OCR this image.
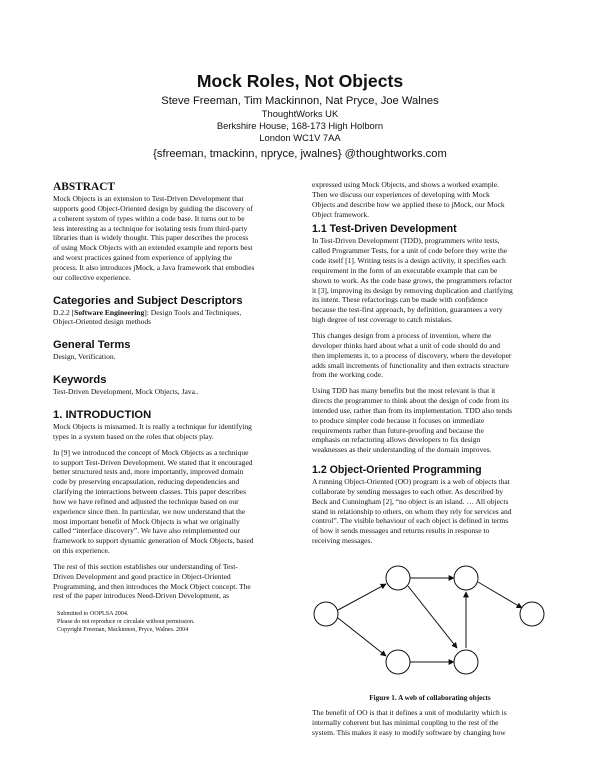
Mock Roles, Not Objects
Steve Freeman, Tim Mackinnon, Nat Pryce, Joe Walnes
ThoughtWorks UK
Berkshire House, 168-173 High Holborn
London WC1V 7AA
{sfreeman, tmackinn, npryce, jwalnes} @thoughtworks.com
ABSTRACT
Mock Objects is an extension to Test-Driven Development that
supports good Object-Oriented design by guiding the discovery of
a coherent system of types within a code base. It turns out to be
less interesting as a technique for isolating tests from third-party
libraries than is widely thought. This paper describes the process
of using Mock Objects with an extended example and reports best
and worst practices gained from experience of applying the
process. It also introduces jMock, a Java framework that embodies
our collective experience.
Categories and Subject Descriptors
D.2.2 [Software Engineering]: Design Tools and Techniques,
Object-Oriented design methods
General Terms
Design, Verification.
Keywords
Test-Driven Development, Mock Objects, Java..
1. INTRODUCTION
Mock Objects is misnamed. It is really a technique for identifying
types in a system based on the roles that objects play.
In [9] we introduced the concept of Mock Objects as a technique
to support Test-Driven Development. We stated that it encouraged
better structured tests and, more importantly, improved domain
code by preserving encapsulation, reducing dependencies and
clarifying the interactions between classes. This paper describes
how we have refined and adjusted the technique based on our
experience since then. In particular, we now understand that the
most important benefit of Mock Objects is what we originally
called “interface discovery”. We have also reimplemented our
framework to support dynamic generation of Mock Objects, based
on this experience.
The rest of this section establishes our understanding of Test-
Driven Development and good practice in Object-Oriented
Programming, and then introduces the Mock Object concept. The
rest of the paper introduces Need-Driven Development, as
Submitted to OOPLSA 2004.
Please do not reproduce or circulate without permission.
Copyright Freeman, Mackinnon, Pryce, Walnes. 2004
expressed using Mock Objects, and shows a worked example.
Then we discuss our experiences of developing with Mock
Objects and describe how we applied these to jMock, our Mock
Object framework.
1.1 Test-Driven Development
In Test-Driven Development (TDD), programmers write tests,
called Programmer Tests, for a unit of code before they write the
code itself [1]. Writing tests is a design activity, it specifies each
requirement in the form of an executable example that can be
shown to work. As the code base grows, the programmers refactor
it [3], improving its design by removing duplication and clarifying
its intent. These refactorings can be made with confidence
because the test-first approach, by definition, guarantees a very
high degree of test coverage to catch mistakes.
This changes design from a process of invention, where the
developer thinks hard about what a unit of code should do and
then implements it, to a process of discovery, where the developer
adds small increments of functionality and then extracts structure
from the working code.
Using TDD has many benefits but the most relevant is that it
directs the programmer to think about the design of code from its
intended use, rather than from its implementation. TDD also tends
to produce simpler code because it focuses on immediate
requirements rather than future-proofing and because the
emphasis on refactoring allows developers to fix design
weaknesses as their understanding of the domain improves.
1.2 Object-Oriented Programming
A running Object-Oriented (OO) program is a web of objects that
collaborate by sending messages to each other. As described by
Beck and Cunningham [2], “no object is an island. … All objects
stand in relationship to others, on whom they rely for services and
control”. The visible behaviour of each object is defined in terms
of how it sends messages and returns results in response to
receiving messages.
Figure 1. A web of collaborating objects
The benefit of OO is that it defines a unit of modularity which is
internally coherent but has minimal coupling to the rest of the
system. This makes it easy to modify software by changing how
